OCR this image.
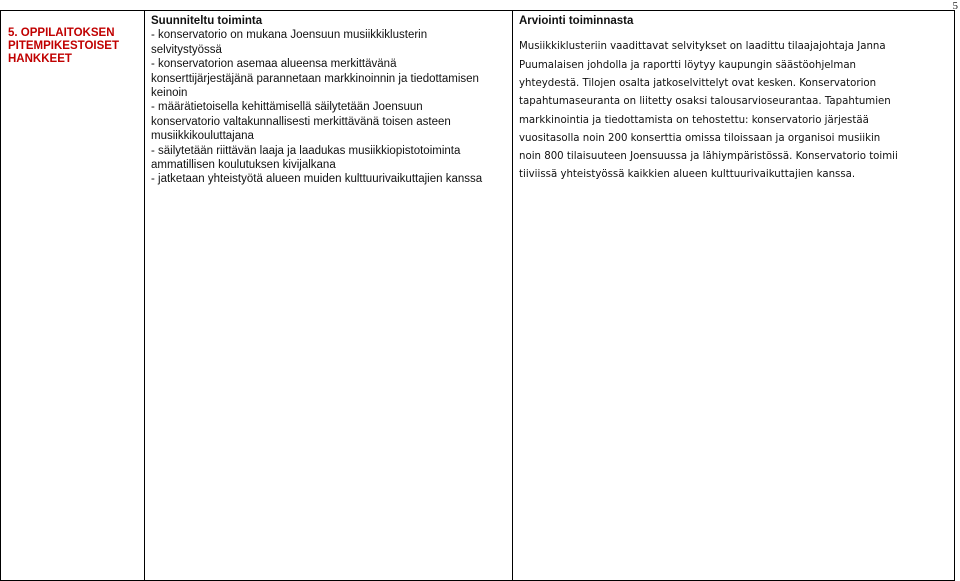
5
5. OPPILAITOKSEN PITEMPIKESTOISET HANKKEET

Suunniteltu toiminta
- konservatorio on mukana Joensuun musiikkiklusterin
selvitystyössä
- konservatorion asemaa alueensa merkittävänä
konserttijärjestäjänä parannetaan markkinoinnin ja tiedottamisen
keinoin
- määrätietoisella kehittämisellä säilytetään Joensuun
konservatorio valtakunnallisesti merkittävänä toisen asteen
musiikkikouluttajana
- säilytetään riittävän laaja ja laadukas musiikkiopistotoiminta
ammatillisen koulutuksen kivijalkana
- jatketaan yhteistyötä alueen muiden kulttuurivaikuttajien kanssa

Arviointi toiminnasta
Musiikkiklusteriin vaadittavat selvitykset on laadittu tilaajajohtaja Janna
Puumalaisen johdolla ja raportti löytyy kaupungin säästöohjelman
yhteydestä. Tilojen osalta jatkoselvittelyt ovat kesken. Konservatorion
tapahtumaseuranta on liitetty osaksi talousarvioseurantaa. Tapahtumien
markkinointia ja tiedottamista on tehostettu: konservatorio järjestää
vuositasolla noin 200 konserttia omissa tiloissaan ja organisoi musiikin
noin 800 tilaisuuteen Joensuussa ja lähiympäristössä. Konservatorio toimii
tiiviissä yhteistyössä kaikkien alueen kulttuurivaikuttajien kanssa.
